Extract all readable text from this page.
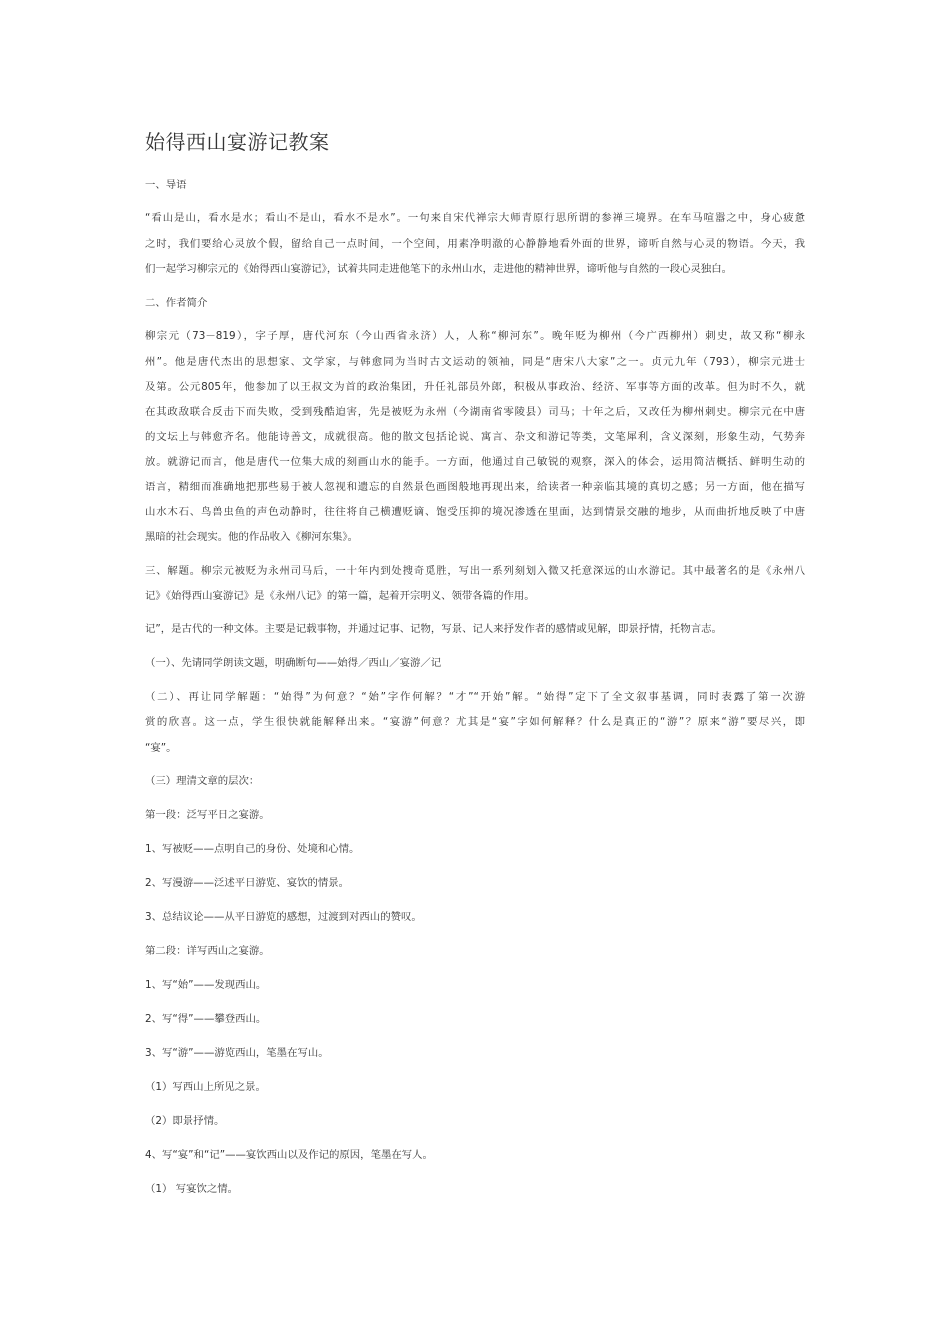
始得西山宴游记教案

一、导语

“看山是山，看水是水；看山不是山，看水不是水”。一句来自宋代禅宗大师青原行思所谓的参禅三境界。在车马喧嚣之中，身心疲惫

之时，我们要给心灵放个假，留给自己一点时间，一个空间，用素净明澈的心静静地看外面的世界，谛听自然与心灵的物语。今天，我

们一起学习柳宗元的《始得西山宴游记》，试着共同走进他笔下的永州山水，走进他的精神世界，谛听他与自然的一段心灵独白。

二、作者简介

柳宗元（73－819），字子厚，唐代河东（今山西省永济）人，人称“柳河东”。晚年贬为柳州（今广西柳州）刺史，故又称“柳永

州”。他是唐代杰出的思想家、文学家，与韩愈同为当时古文运动的领袖，同是“唐宋八大家”之一。贞元九年（793），柳宗元进士

及第。公元805年，他参加了以王叔文为首的政治集团，升任礼部员外郎，积极从事政治、经济、军事等方面的改革。但为时不久，就

在其政敌联合反击下而失败，受到残酷迫害，先是被贬为永州（今湖南省零陵县）司马；十年之后，又改任为柳州刺史。柳宗元在中唐

的文坛上与韩愈齐名。他能诗善文，成就很高。他的散文包括论说、寓言、杂文和游记等类，文笔犀利，含义深刻，形象生动，气势奔

放。就游记而言，他是唐代一位集大成的刻画山水的能手。一方面，他通过自己敏锐的观察，深入的体会，运用简洁概括、鲜明生动的

语言，精细而准确地把那些易于被人忽视和遗忘的自然景色画图般地再现出来，给读者一种亲临其境的真切之感；另一方面，他在描写

山水木石、鸟兽虫鱼的声色动静时，往往将自己横遭贬谪、饱受压抑的境况渗透在里面，达到情景交融的地步，从而曲折地反映了中唐

黑暗的社会现实。他的作品收入《柳河东集》。

三、解题。柳宗元被贬为永州司马后，一十年内到处搜奇觅胜，写出一系列刻划入微又托意深远的山水游记。其中最著名的是《永州八

记》《始得西山宴游记》是《永州八记》的第一篇，起着开宗明义、领带各篇的作用。

记”，是古代的一种文体。主要是记载事物，并通过记事、记物，写景、记人来抒发作者的感情或见解，即景抒情，托物言志。

（一）、先请同学朗读文题，明确断句——始得／西山／宴游／记

（二）、再让同学解题：“始得”为何意？“始”字作何解？“才”“开始”解。“始得”定下了全文叙事基调，同时表露了第一次游

赏的欣喜。这一点，学生很快就能解释出来。“宴游”何意？尤其是“宴”字如何解释？什么是真正的“游”？原来“游”要尽兴，即

“宴”。

（三）理清文章的层次：

第一段：泛写平日之宴游。

1、写被贬——点明自己的身份、处境和心情。

2、写漫游——泛述平日游览、宴饮的情景。

3、总结议论——从平日游览的感想，过渡到对西山的赞叹。

第二段：详写西山之宴游。

1、写“始”——发现西山。

2、写“得”——攀登西山。

3、写“游”——游览西山，笔墨在写山。

（1）写西山上所见之景。

（2）即景抒情。

4、写“宴”和“记”——宴饮西山以及作记的原因，笔墨在写人。

（1） 写宴饮之情。
